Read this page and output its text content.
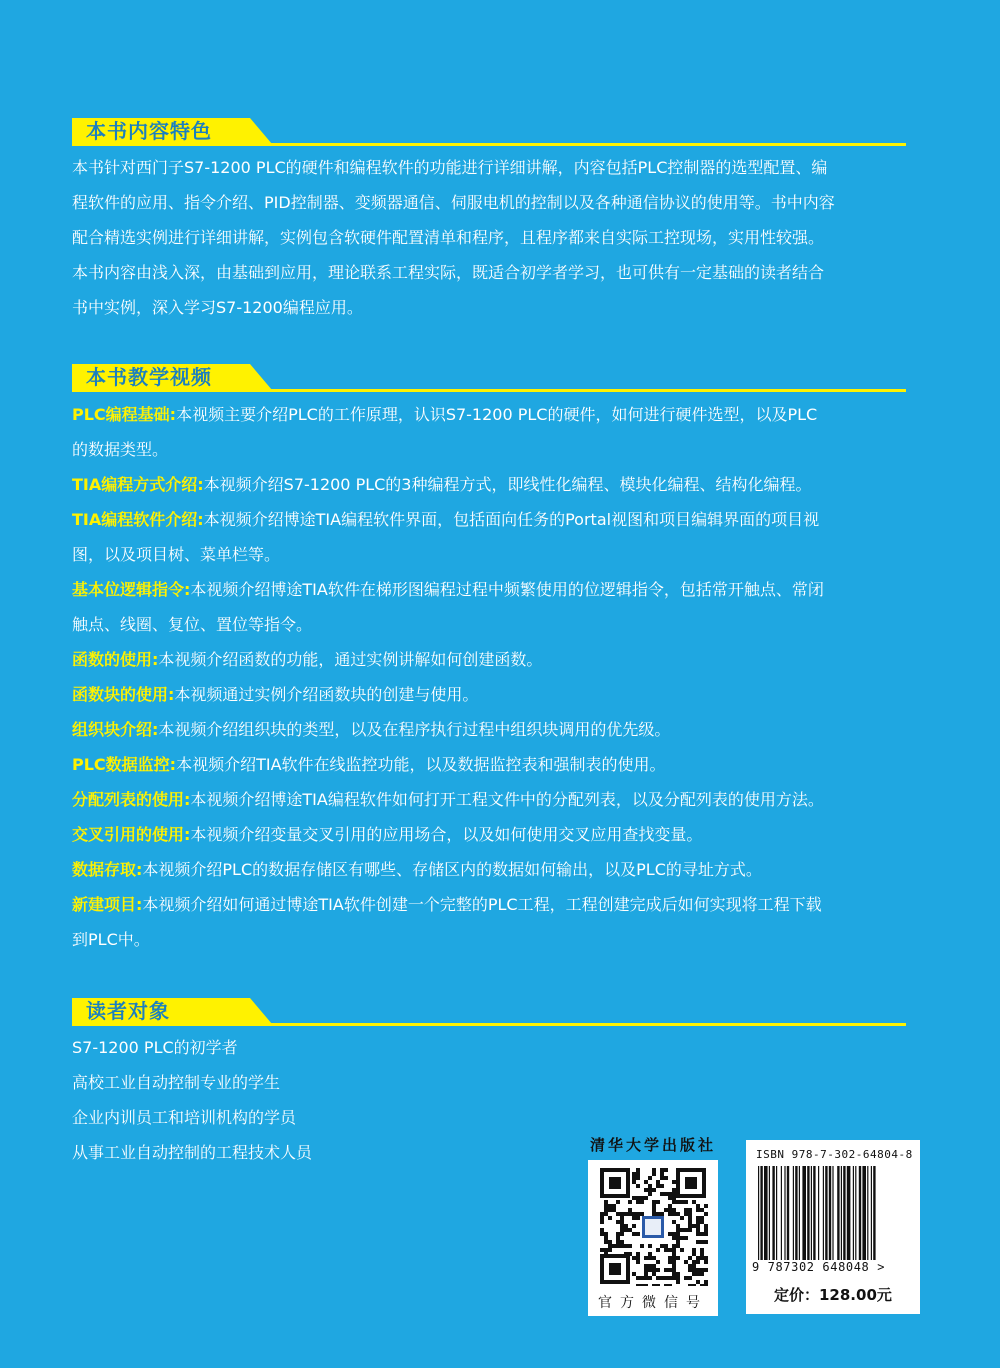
本书内容特色
本书针对西门子S7-1200 PLC的硬件和编程软件的功能进行详细讲解，内容包括PLC控制器的选型配置、编
程软件的应用、指令介绍、PID控制器、变频器通信、伺服电机的控制以及各种通信协议的使用等。书中内容
配合精选实例进行详细讲解，实例包含软硬件配置清单和程序，且程序都来自实际工控现场，实用性较强。
本书内容由浅入深，由基础到应用，理论联系工程实际，既适合初学者学习，也可供有一定基础的读者结合
书中实例，深入学习S7-1200编程应用。
本书教学视频
PLC编程基础:本视频主要介绍PLC的工作原理，认识S7-1200 PLC的硬件，如何进行硬件选型，以及PLC
的数据类型。
TIA编程方式介绍:本视频介绍S7-1200 PLC的3种编程方式，即线性化编程、模块化编程、结构化编程。
TIA编程软件介绍:本视频介绍博途TIA编程软件界面，包括面向任务的Portal视图和项目编辑界面的项目视
图，以及项目树、菜单栏等。
基本位逻辑指令:本视频介绍博途TIA软件在梯形图编程过程中频繁使用的位逻辑指令，包括常开触点、常闭
触点、线圈、复位、置位等指令。
函数的使用:本视频介绍函数的功能，通过实例讲解如何创建函数。
函数块的使用:本视频通过实例介绍函数块的创建与使用。
组织块介绍:本视频介绍组织块的类型，以及在程序执行过程中组织块调用的优先级。
PLC数据监控:本视频介绍TIA软件在线监控功能，以及数据监控表和强制表的使用。
分配列表的使用:本视频介绍博途TIA编程软件如何打开工程文件中的分配列表，以及分配列表的使用方法。
交叉引用的使用:本视频介绍变量交叉引用的应用场合，以及如何使用交叉应用查找变量。
数据存取:本视频介绍PLC的数据存储区有哪些、存储区内的数据如何输出，以及PLC的寻址方式。
新建项目:本视频介绍如何通过博途TIA软件创建一个完整的PLC工程，工程创建完成后如何实现将工程下载
到PLC中。
读者对象
S7-1200 PLC的初学者
高校工业自动控制专业的学生
企业内训员工和培训机构的学员
从事工业自动控制的工程技术人员	清华大学出版社
官方微信号
ISBN 978-7-302-64804-8
9 787302 648048 >
定价：128.00元
